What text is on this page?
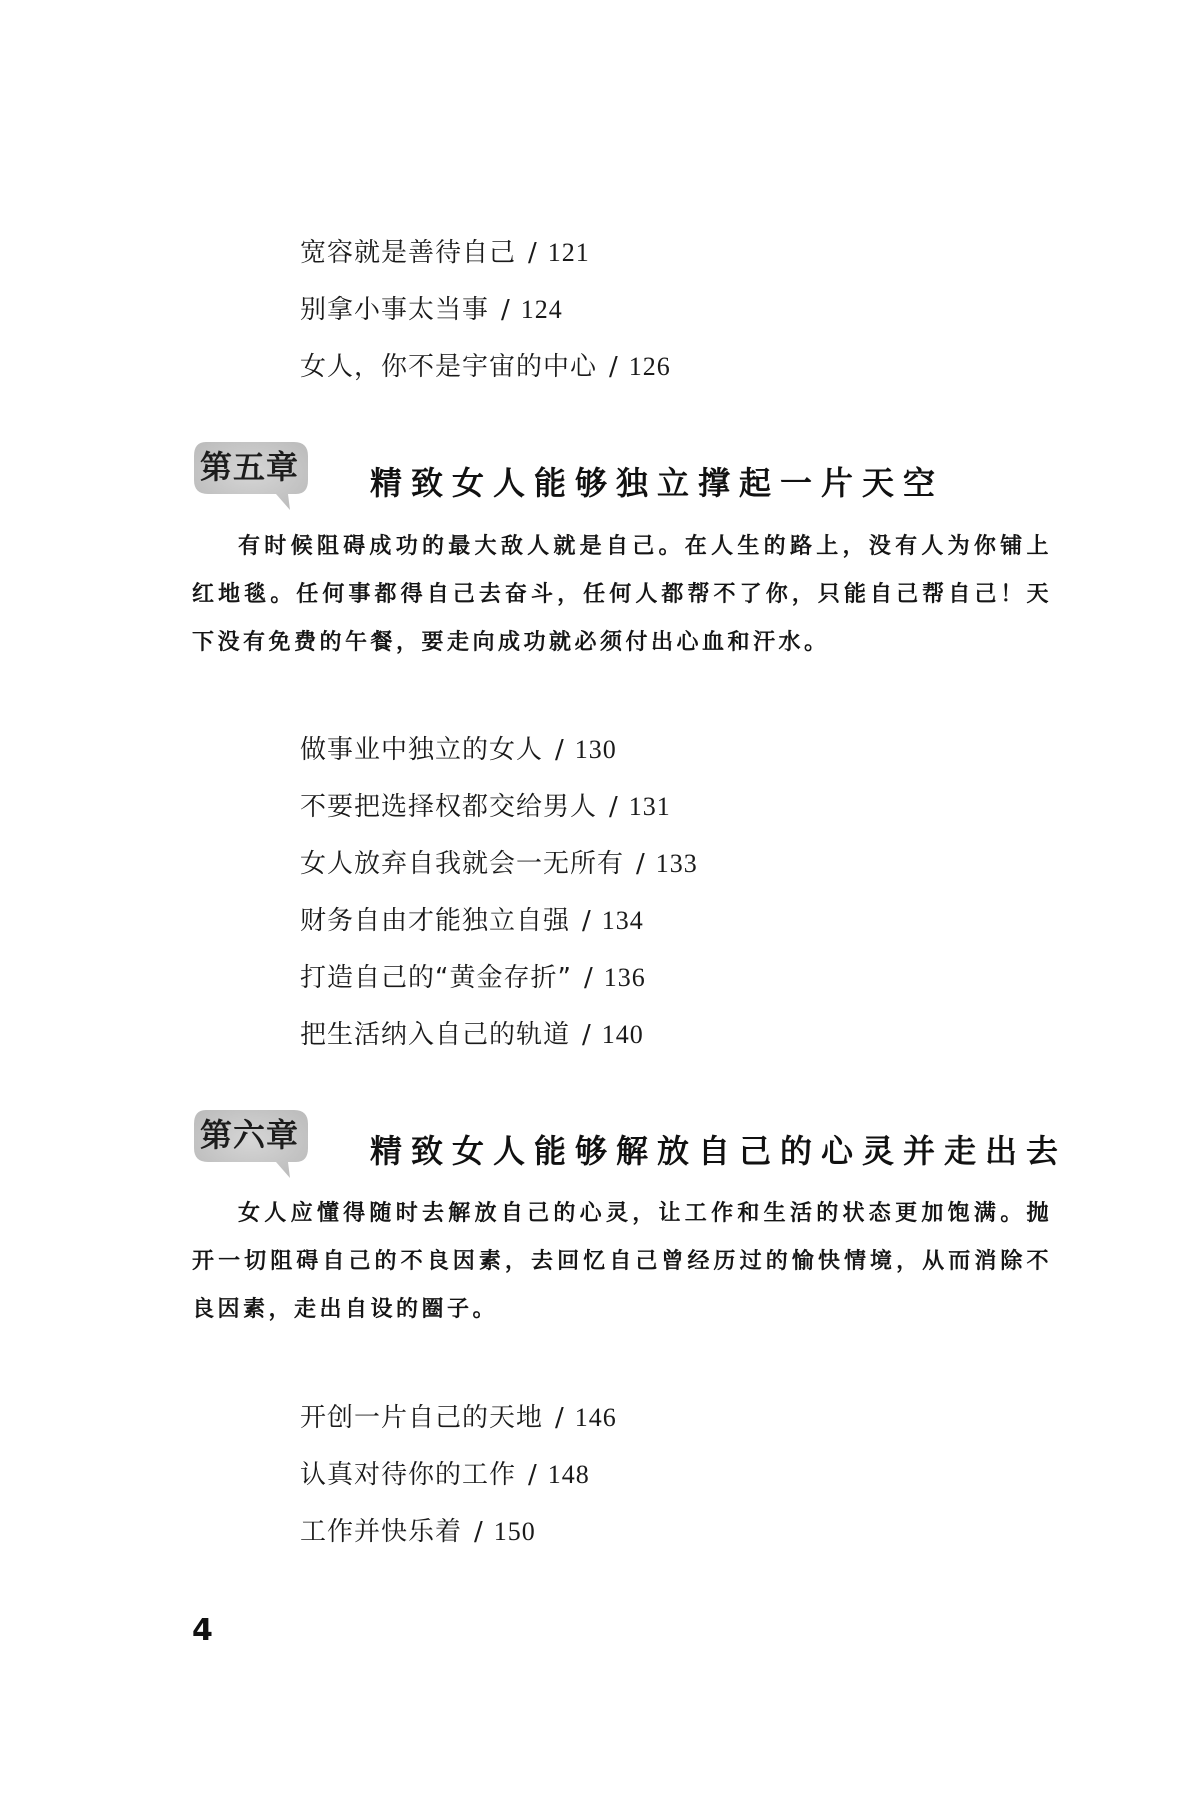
宽容就是善待自己 / 121
别拿小事太当事 / 124
女人，你不是宇宙的中心 / 126
第五章 精致女人能够独立撑起一片天空

有时候阻碍成功的最大敌人就是自己。在人生的路上，没有人为你铺上红地毯。任何事都得自己去奋斗，任何人都帮不了你，只能自己帮自己！天下没有免费的午餐，要走向成功就必须付出心血和汗水。

做事业中独立的女人 / 130
不要把选择权都交给男人 / 131
女人放弃自我就会一无所有 / 133
财务自由才能独立自强 / 134
打造自己的“黄金存折” / 136
把生活纳入自己的轨道 / 140
第六章 精致女人能够解放自己的心灵并走出去

女人应懂得随时去解放自己的心灵，让工作和生活的状态更加饱满。抛开一切阻碍自己的不良因素，去回忆自己曾经历过的愉快情境，从而消除不良因素，走出自设的圈子。

开创一片自己的天地 / 146
认真对待你的工作 / 148
工作并快乐着 / 150
4
